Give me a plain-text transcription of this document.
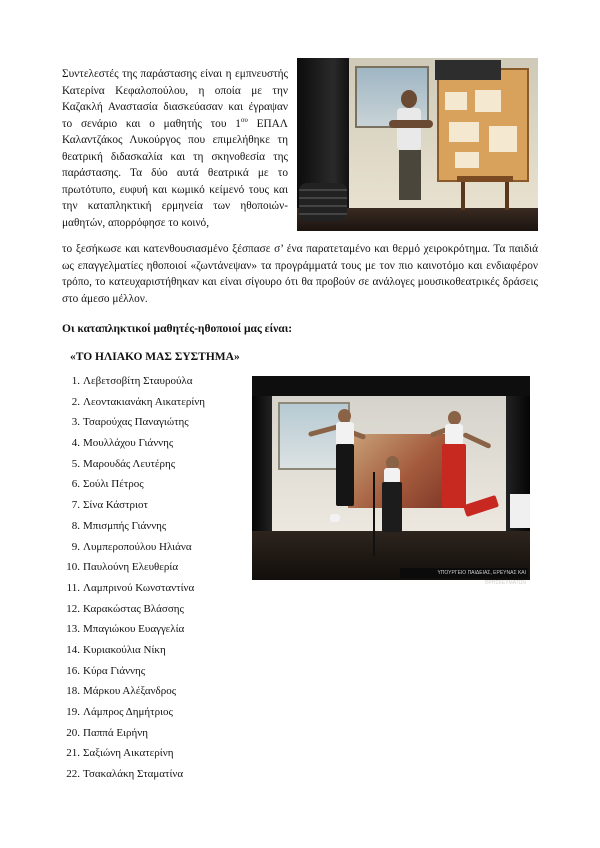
Συντελεστές της παράστασης είναι η εμπνευστής Κατερίνα Κεφαλοπούλου, η οποία με την Καζακλή Αναστασία διασκεύασαν και έγραψαν το σενάριο και ο μαθητής του $1^{o\upsilon}$ ΕΠΑΛ Καλαντζάκος Λυκούργος που επιμελήθηκε τη θεατρική διδασκαλία και τη σκηνοθεσία της παράστασης. Τα δύο αυτά θεατρικά με το πρωτότυπο, ευφυή και κωμικό κείμενό τους και την καταπληκτική ερμηνεία των ηθοποιών- μαθητών, απορρόφησε το κοινό,

το ξεσήκωσε και κατενθουσιασμένο ξέσπασε σ’ ένα παρατεταμένο και θερμό χειροκρότημα. Τα παιδιά ως επαγγελματίες ηθοποιοί «ζωντάνεψαν» τα προγράμματά τους με τον πιο καινοτόμο και ενδιαφέρον τρόπο, το κατευχαριστήθηκαν και είναι σίγουρο ότι θα προβούν σε ανάλογες μουσικοθεατρικές δράσεις στο άμεσο μέλλον.

Οι καταπληκτικοί μαθητές-ηθοποιοί μας είναι:

«ΤΟ ΗΛΙΑΚΟ ΜΑΣ ΣΥΣΤΗΜΑ»

1. Λεβετσοβίτη Σταυρούλα
2. Λεοντακιανάκη Αικατερίνη
3. Τσαρούχας Παναγιώτης
4. Μουλλάχου Γιάννης
5. Μαρουδάς Λευτέρης
6. Σούλι Πέτρος
7. Σίνα Κάστριοτ
8. Μπισμπής Γιάννης
9. Λυμπεροπούλου Ηλιάνα
10. Παυλούνη Ελευθερία
11. Λαμπρινού Κωνσταντίνα
12. Καρακώστας Βλάσσης
13. Μπαγιώκου Ευαγγελία
14. Κυριακούλια Νίκη
16. Κύρα Γιάννης
18. Μάρκου Αλέξανδρος
19. Λάμπρος Δημήτριος
20. Παππά Ειρήνη
21. Σαξιώνη Αικατερίνη
22. Τσακαλάκη Σταματίνα
ΥΠΟΥΡΓΕΙΟ ΠΑΙΔΕΙΑΣ, ΕΡΕΥΝΑΣ ΚΑΙ ΘΡΗΣΚΕΥΜΑΤΩΝ
